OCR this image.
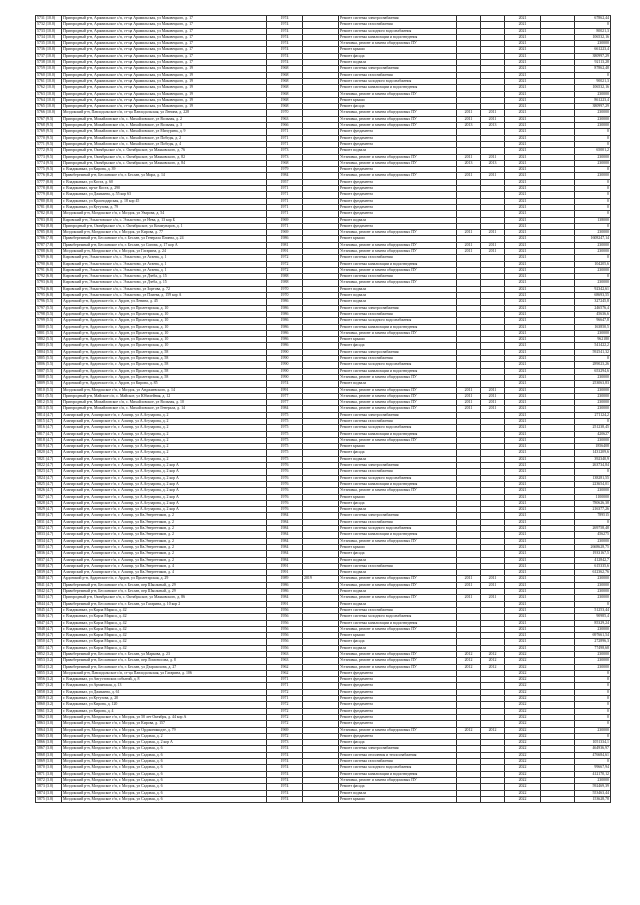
5731 (10.0)	Пригородный р-н, Арамильское с/п, ст-ца Арамильская, ул Маковецкого, д. 17	1974		Ремонт системы электроснабжения			2021		67862,44
5732 (10.0)	Пригородный р-н, Арамильское с/п, ст-ца Арамильская, ул Маковецкого, д. 17	1974		Ремонт системы газоснабжения			2021		0
5733 (10.0)	Пригородный р-н, Арамильское с/п, ст-ца Арамильская, ул Маковецкого, д. 17	1974		Ремонт системы холодного водоснабжения			2021		80021,3
5734 (10.0)	Пригородный р-н, Арамильское с/п, ст-ца Арамильская, ул Маковецкого, д. 17	1974		Ремонт системы канализации и водоотведения			2021		106532,16
5735 (10.0)	Пригородный р-н, Арамильское с/п, ст-ца Арамильская, ул Маковецкого, д. 17	1974		Установка, ремонт и замена общедомовых ПУ			2021		230000
5736 (10.0)	Пригородный р-н, Арамильское с/п, ст-ца Арамильская, ул Маковецкого, д. 17	1974		Ремонт крыши			2021		661223,4
5737 (10.0)	Пригородный р-н, Арамильское с/п, ст-ца Арамильская, ул Маковецкого, д. 17	1974		Ремонт фасада			2021		380997,29
5738 (10.0)	Пригородный р-н, Арамильское с/п, ст-ца Арамильская, ул Маковецкого, д. 17	1974		Ремонт подвала			2021		92113,28
5759 (10.0)	Пригородный р-н, Арамильское с/п, ст-ца Арамильская, ул Маковецкого, д. 19	1968		Ремонт системы электроснабжения			2021		87862,48
5760 (10.0)	Пригородный р-н, Арамильское с/п, ст-ца Арамильская, ул Маковецкого, д. 19	1968		Ремонт системы газоснабжения			2021		0
5761 (10.0)	Пригородный р-н, Арамильское с/п, ст-ца Арамильская, ул Маковецкого, д. 19	1968		Ремонт системы холодного водоснабжения			2021		90021,3
5762 (10.0)	Пригородный р-н, Арамильское с/п, ст-ца Арамильская, ул Маковецкого, д. 19	1968		Ремонт системы канализации и водоотведения			2021		106532,16
5763 (10.0)	Пригородный р-н, Арамильское с/п, ст-ца Арамильская, ул Маковецкого, д. 19	1968		Установка, ремонт и замена общедомовых ПУ			2021		230000
5764 (10.0)	Пригородный р-н, Арамильское с/п, ст-ца Арамильская, ул Маковецкого, д. 19	1968		Ремонт крыши			2021		861223,4
5765 (10.0)	Пригородный р-н, Арамильское с/п, ст-ца Арамильская, ул Маковецкого, д. 19	1968		Ремонт фасада			2021		380997,29
5766 (10.0)	Моздокский р-н, Павлодольское с/п, ст-ца Павлодольская, ул Ленина, д. 228	1970		Установка, ремонт и замена общедомовых ПУ	2011	2011	2021		230000
5767 (9.5)	Пригородный р-н, Михайловское с/п, с. Михайловское, ул Вольная, д. 2	1963		Установка, ремонт и замена общедомовых ПУ	2011	2011	2021		230000
5768 (9.5)	Пригородный р-н, Михайловское с/п, с. Михайловское, ул Вольная, д. 3	1966		Установка, ремонт и замена общедомовых ПУ	2013	2013	2021		230000
5769 (9.5)	Пригородный р-н, Михайловское с/п, с. Михайловское, ул Мичурина, д. 9	1971		Ремонт фундамента			2021		0
5770 (9.5)	Пригородный р-н, Михайловское с/п, с. Михайловское, ул Победы, д. 2	1971		Ремонт фундамента			2021		0
5771 (9.5)	Пригородный р-н, Михайловское с/п, с. Михайловское, ул Победы, д. 4	1971		Ремонт фундамента			2021		0
5772 (9.5)	Пригородный р-н, Октябрьское с/п, с. Октябрьское, ул Маяковского, д. 76	1973		Ремонт подвала			2021		65001,2
5773 (9.5)	Пригородный р-н, Октябрьское с/п, с. Октябрьское, ул Маяковского, д. 82	1973		Установка, ремонт и замена общедомовых ПУ	2011	2011	2021		230000
5774 (9.5)	Пригородный р-н, Октябрьское с/п, с. Октябрьское, ул Маяковского, д. 84	1968		Установка, ремонт и замена общедомовых ПУ	2013	2013	2021		230000
5775 (9.5)	г. Владикавказ, ул Кирова, д. 39	1979		Ремонт фундамента			2021		0
5776 (8.2)	Правобережный р-н, Бесланское г/п, г. Беслан, ул Мира, д. 14	1984		Установка, ремонт и замена общедомовых ПУ	2011	2011	2021		230000
5777 (8.0)	г. Владикавказ, ул Коста, д. 60	1957		Ремонт фундамента			2021		0
5778 (8.0)	г. Владикавказ, пр-кт Коста, д. 290	1971		Ремонт фундамента			2021		0
5779 (8.0)	г. Владикавказ, ул Джикаева, д. 55 кор 63	1971		Ремонт фундамента			2021		0
5780 (8.0)	г. Владикавказ, ул Краснодарская, д. 18 кор 45	1971		Ремонт фундамента			2021		0
5781 (8.0)	г. Владикавказ, ул Кутузова, д. 79	1971		Ремонт фундамента			2021		0
5782 (8.0)	Моздокский р-н, Моздокское г/п, г. Моздок, ул Уварова, д. 54	1971		Ремонт фундамента			2021		0
5783 (8.0)	Кировский р-н, Эльхотовское с/п, с. Эльхотово, ул Нева, д. 13 кор Б	1969		Ремонт подвала			2021		138000
5784 (8.0)	Пригородный р-н, Октябрьское с/п, с. Октябрьское, ул Коммунаров, д. 1	1971		Ремонт фундамента			2021		0
5785 (8.0)	Моздокский р-н, Моздокское г/п, г. Моздок, ул Кирова, д. 77	1969		Установка, ремонт и замена общедомовых ПУ	2011	2011	2021		230000
5786 (7.8)	Правобережный р-н, Бесланское г/п, г. Беслан, ул Генерала Плиева, д. 24	1986		Ремонт крыши			2021		1608247,14
5787 (7.8)	Правобережный р-н, Бесланское г/п, г. Беслан, ул Сигова, д. 17 кор А	1981		Установка, ремонт и замена общедомовых ПУ	2011	2011	2021		230000
5788 (6.0)	Моздокский р-н, Моздокское г/п, г. Моздок, ул Гагарина, д. 24	1991		Установка, ремонт и замена общедомовых ПУ	2011	2011	2021		230000
5789 (6.0)	Кировский р-н, Эльхотовское с/п, с. Эльхотово, ул Агаева, д. 1	1972		Ремонт системы газоснабжения			2021		0
5790 (6.0)	Кировский р-н, Эльхотовское с/п, с. Эльхотово, ул Агаева, д. 1	1972		Ремонт системы канализации и водоотведения			2021		104205,6
5791 (6.0)	Кировский р-н, Эльхотовское с/п, с. Эльхотово, ул Агаева, д. 1	1972		Установка, ремонт и замена общедомовых ПУ			2021		230000
5792 (6.0)	Кировский р-н, Эльхотовское с/п, с. Эльхотово, ул Дзеба, д. 15	1988		Ремонт системы газоснабжения			2021		0
5793 (6.0)	Кировский р-н, Эльхотовское с/п, с. Эльхотово, ул Дзеба, д. 15	1988		Установка, ремонт и замена общедомовых ПУ			2021		230000
5794 (6.0)	Кировский р-н, Эльхотовское с/п, с. Эльхотово, ул Зортова, д. 72	1970		Ремонт подвала			2021		92342,61
5795 (6.0)	Кировский р-н, Эльхотовское с/п, с. Эльхотово, ул Плиева, д. 159 кор А	1970		Ремонт подвала			2021		68693,55
5796 (5.5)	Ардонский р-н, Ардонское г/п, г. Ардон, ул Ленина, д. 45	1986		Ремонт подвала			2021		327245,8
5797 (5.5)	Ардонский р-н, Ардонское г/п, г. Ардон, ул Пролетарская, д. 10	1986		Ремонт системы электроснабжения			2021		246576,4
5798 (5.5)	Ардонский р-н, Ардонское г/п, г. Ардон, ул Пролетарская, д. 10	1986		Ремонт системы газоснабжения			2021		45636,6
5799 (5.5)	Ардонский р-н, Ардонское г/п, г. Ардон, ул Пролетарская, д. 10	1986		Ремонт системы холодного водоснабжения			2021		96647,8
5800 (5.5)	Ардонский р-н, Ардонское г/п, г. Ардон, ул Пролетарская, д. 10	1986		Ремонт системы канализации и водоотведения			2021		163850,5
5801 (5.5)	Ардонский р-н, Ардонское г/п, г. Ардон, ул Пролетарская, д. 10	1986		Установка, ремонт и замена общедомовых ПУ			2021		230000
5802 (5.5)	Ардонский р-н, Ардонское г/п, г. Ардон, ул Пролетарская, д. 10	1986		Ремонт крыши			2021		962180
5803 (5.5)	Ардонский р-н, Ардонское г/п, г. Ардон, ул Пролетарская, д. 10	1986		Ремонт фасада			2021		541422,2
5804 (5.5)	Ардонский р-н, Ардонское г/п, г. Ардон, ул Пролетарская, д. 58	1990		Ремонт системы электроснабжения			2021		592541,32
5805 (5.5)	Ардонский р-н, Ардонское г/п, г. Ардон, ул Пролетарская, д. 58	1990		Ремонт системы газоснабжения			2021		0
5806 (5.5)	Ардонский р-н, Ардонское г/п, г. Ардон, ул Пролетарская, д. 58	1990		Ремонт системы холодного водоснабжения			2021		289023,26
5807 (5.5)	Ардонский р-н, Ардонское г/п, г. Ардон, ул Пролетарская, д. 58	1990		Ремонт системы канализации и водоотведения			2021		653294,6
5808 (5.5)	Ардонский р-н, Ардонское г/п, г. Ардон, ул Пролетарская, д. 58	1990		Установка, ремонт и замена общедомовых ПУ			2021		230000
5809 (5.5)	Ардонский р-н, Ардонское г/п, г. Ардон, ул Кирова, д. 85	1974		Ремонт подвала			2021		253063,83
5810 (5.5)	Моздокский р-н, Моздокское г/п, г. Моздок, ул Анджиевского, д. 14	1991		Установка, ремонт и замена общедомовых ПУ	2011	2011	2021		230000
5811 (5.5)	Пригородный р-н, Майское с/п, с. Майское, ул Юбилейная, д. 12	1977		Установка, ремонт и замена общедомовых ПУ	2011	2011	2021		230000
5812 (5.5)	Пригородный р-н, Михайловское с/п, с. Михайловское, ул Вольная, д. 10	1977		Установка, ремонт и замена общедомовых ПУ	2011	2011	2021		230000
5813 (5.5)	Пригородный р-н, Михайловское с/п, с. Михайловское, ул Генерала, д. 14	1984		Установка, ремонт и замена общедомовых ПУ	2011	2011	2021		230000
5814 (4.7)	Алагирский р-н, Алагирское г/п, г. Алагир, ул А.Агузарова, д. 2	1975		Ремонт системы электроснабжения			2021		271124,2
5815 (4.7)	Алагирский р-н, Алагирское г/п, г. Алагир, ул А.Агузарова, д. 2	1975		Ремонт системы газоснабжения			2021		0
5816 (4.7)	Алагирский р-н, Алагирское г/п, г. Алагир, ул А.Агузарова, д. 2	1975		Ремонт системы холодного водоснабжения			2021		251238,45
5817 (4.7)	Алагирский р-н, Алагирское г/п, г. Алагир, ул А.Агузарова, д. 2	1975		Ремонт системы канализации и водоотведения			2021		420627
5818 (4.7)	Алагирский р-н, Алагирское г/п, г. Алагир, ул А.Агузарова, д. 2	1975		Установка, ремонт и замена общедомовых ПУ			2021		230000
5819 (4.7)	Алагирский р-н, Алагирское г/п, г. Алагир, ул А.Агузарова, д. 2	1975		Ремонт крыши			2021		1856408
5820 (4.7)	Алагирский р-н, Алагирское г/п, г. Алагир, ул А.Агузарова, д. 2	1975		Ремонт фасада			2021		1431209,6
5821 (4.7)	Алагирский р-н, Алагирское г/п, г. Алагир, ул А.Агузарова, д. 2	1975		Ремонт подвала			2021		392340,9
5822 (4.7)	Алагирский р-н, Алагирское г/п, г. Алагир, ул А.Агузарова, д. 2 кор А	1976		Ремонт системы электроснабжения			2021		263734,84
5823 (4.7)	Алагирский р-н, Алагирское г/п, г. Алагир, ул А.Агузарова, д. 2 кор А	1976		Ремонт системы газоснабжения			2021		0
5824 (4.7)	Алагирский р-н, Алагирское г/п, г. Алагир, ул А.Агузарова, д. 2 кор А	1976		Ремонт системы холодного водоснабжения			2021		138281,55
5825 (4.7)	Алагирский р-н, Алагирское г/п, г. Алагир, ул А.Агузарова, д. 2 кор А	1976		Ремонт системы канализации и водоотведения			2021		223654,01
5826 (4.7)	Алагирский р-н, Алагирское г/п, г. Алагир, ул А.Агузарова, д. 2 кор А	1976		Установка, ремонт и замена общедомовых ПУ			2021		230000
5827 (4.7)	Алагирский р-н, Алагирское г/п, г. Алагир, ул А.Агузарова, д. 2 кор А	1976		Ремонт крыши			2021		1100000
5828 (4.7)	Алагирский р-н, Алагирское г/п, г. Алагир, ул А.Агузарова, д. 2 кор А	1976		Ремонт фасада			2021		780626,38
5829 (4.7)	Алагирский р-н, Алагирское г/п, г. Алагир, ул А.Агузарова, д. 2 кор А	1976		Ремонт подвала			2021		216377,26
5830 (4.7)	Алагирский р-н, Алагирское г/п, г. Алагир, ул Кв.Энергетиков, д. 2	1984		Ремонт системы электроснабжения			2021		789515
5831 (4.7)	Алагирский р-н, Алагирское г/п, г. Алагир, ул Кв.Энергетиков, д. 2	1984		Ремонт системы газоснабжения			2021		0
5832 (4.7)	Алагирский р-н, Алагирское г/п, г. Алагир, ул Кв.Энергетиков, д. 2	1984		Ремонт системы холодного водоснабжения			2021		269758,48
5833 (4.7)	Алагирский р-н, Алагирское г/п, г. Алагир, ул Кв.Энергетиков, д. 2	1984		Ремонт системы канализации и водоотведения			2021		456275
5834 (4.7)	Алагирский р-н, Алагирское г/п, г. Алагир, ул Кв.Энергетиков, д. 2	1984		Установка, ремонт и замена общедомовых ПУ			2021		230000
5835 (4.7)	Алагирский р-н, Алагирское г/п, г. Алагир, ул Кв.Энергетиков, д. 2	1984		Ремонт крыши			2021		2668628,75
5836 (4.7)	Алагирский р-н, Алагирское г/п, г. Алагир, ул Кв.Энергетиков, д. 2	1984		Ремонт фасада			2021		1933167,5
5837 (4.7)	Алагирский р-н, Алагирское г/п, г. Алагир, ул Кв.Энергетиков, д. 2	1984		Ремонт подвала			2021		412842,7
5838 (4.7)	Алагирский р-н, Алагирское г/п, г. Алагир, ул Кв.Энергетиков, д. 4	1991		Ремонт системы газоснабжения			2021		615335,6
5839 (4.7)	Алагирский р-н, Алагирское г/п, г. Алагир, ул Кв.Энергетиков, д. 4	1991		Ремонт подвала			2021		612362,76
5840 (4.7)	Ардонский р-н, Ардонское г/п, г. Ардон, ул Пролетарская, д. 29	1989	2019	Установка, ремонт и замена общедомовых ПУ	2011	2011	2021		230000
5841 (4.7)	Правобережный р-н, Бесланское г/п, г. Беслан, пер Школьный, д. 29	1986		Установка, ремонт и замена общедомовых ПУ	2011	2011	2021		230000
5842 (4.7)	Правобережный р-н, Бесланское г/п, г. Беслан, пер Школьный, д. 29	1986		Ремонт подвала			2021		230000
5843 (4.7)	Пригородный р-н, Октябрьское с/п, с. Октябрьское, ул Маяковского, д. 86	1984		Установка, ремонт и замена общедомовых ПУ	2011	2011	2021		230000
5844 (4.7)	Правобережный р-н, Бесланское г/п, г. Беслан, ул Гагарина, д. 10 кор 2	1991		Ремонт подвала			2021		0
5845 (4.7)	г. Владикавказ, ул Карла Маркса, д. 42	1956		Ремонт системы газоснабжения			2021		51253,44
5846 (4.7)	г. Владикавказ, ул Карла Маркса, д. 42	1956		Ремонт системы холодного водоснабжения			2021		90985,4
5847 (4.7)	г. Владикавказ, ул Карла Маркса, д. 42	1956		Ремонт системы канализации и водоотведения			2021		85329,24
5848 (4.7)	г. Владикавказ, ул Карла Маркса, д. 42	1956		Установка, ремонт и замена общедомовых ПУ			2021		230000
5849 (4.7)	г. Владикавказ, ул Карла Маркса, д. 42	1956		Ремонт крыши			2021		697661,54
5850 (4.7)	г. Владикавказ, ул Карла Маркса, д. 42	1956		Ремонт фасада			2021		272896,3
5851 (4.7)	г. Владикавказ, ул Карла Маркса, д. 42	1956		Ремонт подвала			2021		77498,68
5852 (3.2)	Правобережный р-н, Бесланское г/п, г. Беслан, ул Маркова, д. 23	1963		Установка, ремонт и замена общедомовых ПУ	2012	2012	2022		230000
5853 (3.2)	Правобережный р-н, Бесланское г/п, г. Беслан, пер Ломоносова, д. 8	1963		Установка, ремонт и замена общедомовых ПУ	2012	2012	2022		230000
5854 (3.2)	Правобережный р-н, Бесланское г/п, г. Беслан, ул Дзарахохова, д. 27	1962		Установка, ремонт и замена общедомовых ПУ	2012	2012	2022		230000
5855 (3.2)	Моздокский р-н, Павлодольское с/п, ст-ца Павлодольская, ул Гагарина, д. 106	1962		Ремонт фундамента			2022		0
5856 (3.2)	г. Владикавказ, ул Августовских событий, д. 8	1971		Ремонт фундамента			2022		0
5857 (3.2)	г. Владикавказ, ул Армянская, д. 13	1971		Ремонт фундамента			2022		0
5858 (3.2)	г. Владикавказ, ул Джикаева, д. 61	1972		Ремонт фундамента			2022		0
5859 (3.2)	г. Владикавказ, ул Кутузова, д. 20	1971		Ремонт фундамента			2022		0
5860 (3.2)	г. Владикавказ, ул Кирова, д. 120	1972		Ремонт фундамента			2022		0
5861 (3.2)	г. Владикавказ, ул Кирова, д. 4	1972		Ремонт фундамента			2022		0
5862 (3.0)	Моздокский р-н, Моздокское г/п, г. Моздок, ул 50 лет Октября, д. 44 кор А	1972		Ремонт фундамента			2022		0
5863 (3.0)	Моздокский р-н, Моздокское г/п, г. Моздок, ул Кирова, д. 157	1972		Ремонт фундамента			2022		0
5864 (3.0)	Моздокский р-н, Моздокское г/п, г. Моздок, ул Орджоникидзе, д. 79	1969		Установка, ремонт и замена общедомовых ПУ	2012	2012	2022		230000
5865 (3.0)	Моздокский р-н, Моздокское г/п, г. Моздок, ул Садовая, д. 2	1972		Ремонт фундамента			2022		0
5866 (3.0)	Моздокский р-н, Моздокское г/п, г. Моздок, ул Садовая, д. 2 кор А	1973		Ремонт фасада			2022		1051334,1
5867 (3.0)	Моздокский р-н, Моздокское г/п, г. Моздок, ул Садовая, д. 6	1974		Ремонт системы электроснабжения			2022		464936,97
5868 (3.0)	Моздокский р-н, Моздокское г/п, г. Моздок, ул Садовая, д. 6	1974		Ремонт системы отопления и теплоснабжения			2022		476684,61
5869 (3.0)	Моздокский р-н, Моздокское г/п, г. Моздок, ул Садовая, д. 6	1974		Ремонт системы газоснабжения			2022		0
5870 (3.0)	Моздокский р-н, Моздокское г/п, г. Моздок, ул Садовая, д. 6	1974		Ремонт системы холодного водоснабжения			2022		99667,94
5871 (3.0)	Моздокский р-н, Моздокское г/п, г. Моздок, ул Садовая, д. 6	1974		Ремонт системы канализации и водоотведения			2022		412170,12
5872 (3.0)	Моздокский р-н, Моздокское г/п, г. Моздок, ул Садовая, д. 6	1974		Установка, ремонт и замена общедомовых ПУ			2022		230000
5873 (3.0)	Моздокский р-н, Моздокское г/п, г. Моздок, ул Садовая, д. 6	1974		Ремонт фасада			2022		592469,39
5874 (3.0)	Моздокский р-н, Моздокское г/п, г. Моздок, ул Садовая, д. 6	1974		Ремонт подвала			2022		553463,44
5875 (3.0)	Моздокский р-н, Моздокское г/п, г. Моздок, ул Садовая, д. 6	1974		Ремонт крыши			2022		153628,78
